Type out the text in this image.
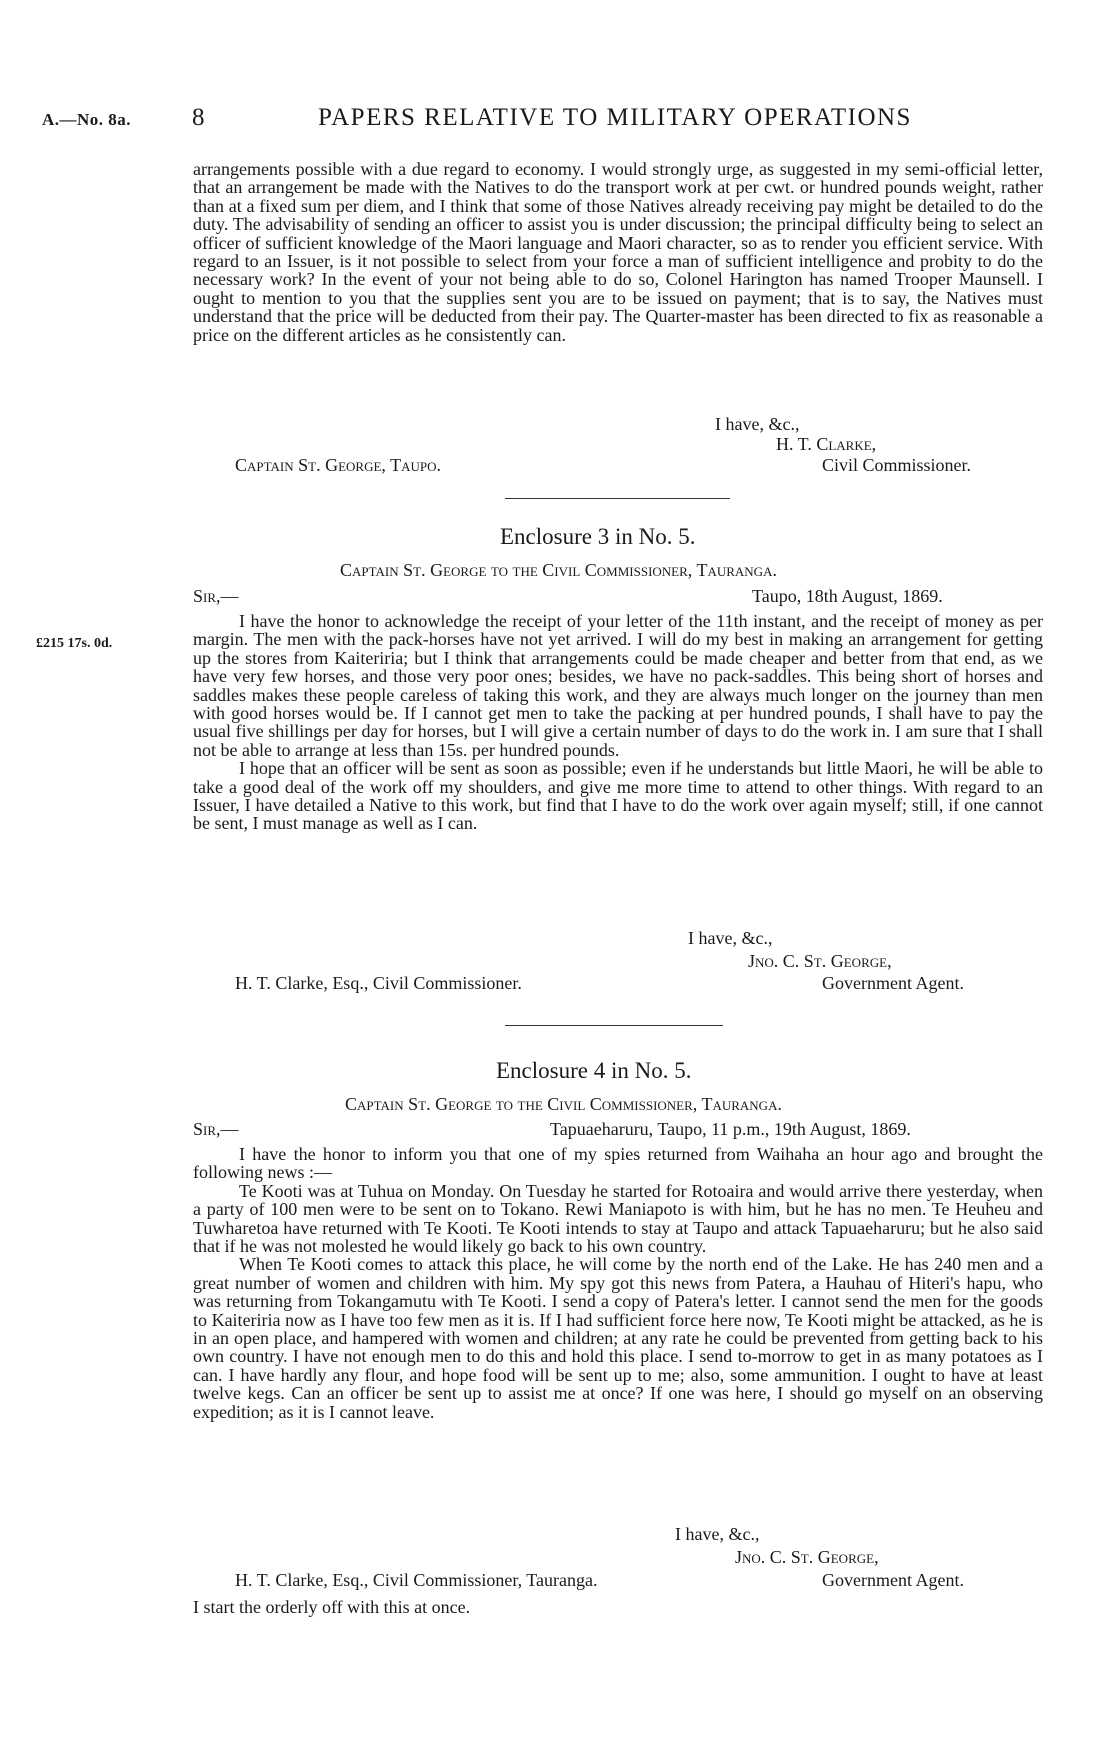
A.—No. 8a. 8	PAPERS RELATIVE TO MILITARY OPERATIONS

arrangements possible with a due regard to economy. I would strongly urge, as suggested in my semi-official letter, that an arrangement be made with the Natives to do the transport work at per cwt. or hundred pounds weight, rather than at a fixed sum per diem, and I think that some of those Natives already receiving pay might be detailed to do the duty. The advisability of sending an officer to assist you is under discussion; the principal difficulty being to select an officer of sufficient knowledge of the Maori language and Maori character, so as to render you efficient service. With regard to an Issuer, is it not possible to select from your force a man of sufficient intelligence and probity to do the necessary work? In the event of your not being able to do so, Colonel Harington has named Trooper Maunsell. I ought to mention to you that the supplies sent you are to be issued on payment; that is to say, the Natives must understand that the price will be deducted from their pay. The Quarter-master has been directed to fix as reasonable a price on the different articles as he consistently can.

I have, &c.,
H. T. Clarke,
Captain St. George, Taupo.	Civil Commissioner.
Enclosure 3 in No. 5.
Captain St. George to the Civil Commissioner, Tauranga.
Sir,—	Taupo, 18th August, 1869.
£215 17s. 0d.

I have the honor to acknowledge the receipt of your letter of the 11th instant, and the receipt of money as per margin. The men with the pack-horses have not yet arrived. I will do my best in making an arrangement for getting up the stores from Kaiteriria; but I think that arrangements could be made cheaper and better from that end, as we have very few horses, and those very poor ones; besides, we have no pack-saddles. This being short of horses and saddles makes these people careless of taking this work, and they are always much longer on the journey than men with good horses would be. If I cannot get men to take the packing at per hundred pounds, I shall have to pay the usual five shillings per day for horses, but I will give a certain number of days to do the work in. I am sure that I shall not be able to arrange at less than 15s. per hundred pounds.

I hope that an officer will be sent as soon as possible; even if he understands but little Maori, he will be able to take a good deal of the work off my shoulders, and give me more time to attend to other things. With regard to an Issuer, I have detailed a Native to this work, but find that I have to do the work over again myself; still, if one cannot be sent, I must manage as well as I can.

I have, &c.,
Jno. C. St. George,
H. T. Clarke, Esq., Civil Commissioner.	Government Agent.
Enclosure 4 in No. 5.
Captain St. George to the Civil Commissioner, Tauranga.
Sir,—	Tapuaeharuru, Taupo, 11 p.m., 19th August, 1869.

I have the honor to inform you that one of my spies returned from Waihaha an hour ago and brought the following news :—

Te Kooti was at Tuhua on Monday. On Tuesday he started for Rotoaira and would arrive there yesterday, when a party of 100 men were to be sent on to Tokano. Rewi Maniapoto is with him, but he has no men. Te Heuheu and Tuwharetoa have returned with Te Kooti. Te Kooti intends to stay at Taupo and attack Tapuaeharuru; but he also said that if he was not molested he would likely go back to his own country.

When Te Kooti comes to attack this place, he will come by the north end of the Lake. He has 240 men and a great number of women and children with him. My spy got this news from Patera, a Hauhau of Hiteri's hapu, who was returning from Tokangamutu with Te Kooti. I send a copy of Patera's letter. I cannot send the men for the goods to Kaiteriria now as I have too few men as it is. If I had sufficient force here now, Te Kooti might be attacked, as he is in an open place, and hampered with women and children; at any rate he could be prevented from getting back to his own country. I have not enough men to do this and hold this place. I send to-morrow to get in as many potatoes as I can. I have hardly any flour, and hope food will be sent up to me; also, some ammunition. I ought to have at least twelve kegs. Can an officer be sent up to assist me at once? If one was here, I should go myself on an observing expedition; as it is I cannot leave.

I have, &c.,
Jno. C. St. George,
H. T. Clarke, Esq., Civil Commissioner, Tauranga.	Government Agent.
I start the orderly off with this at once.
